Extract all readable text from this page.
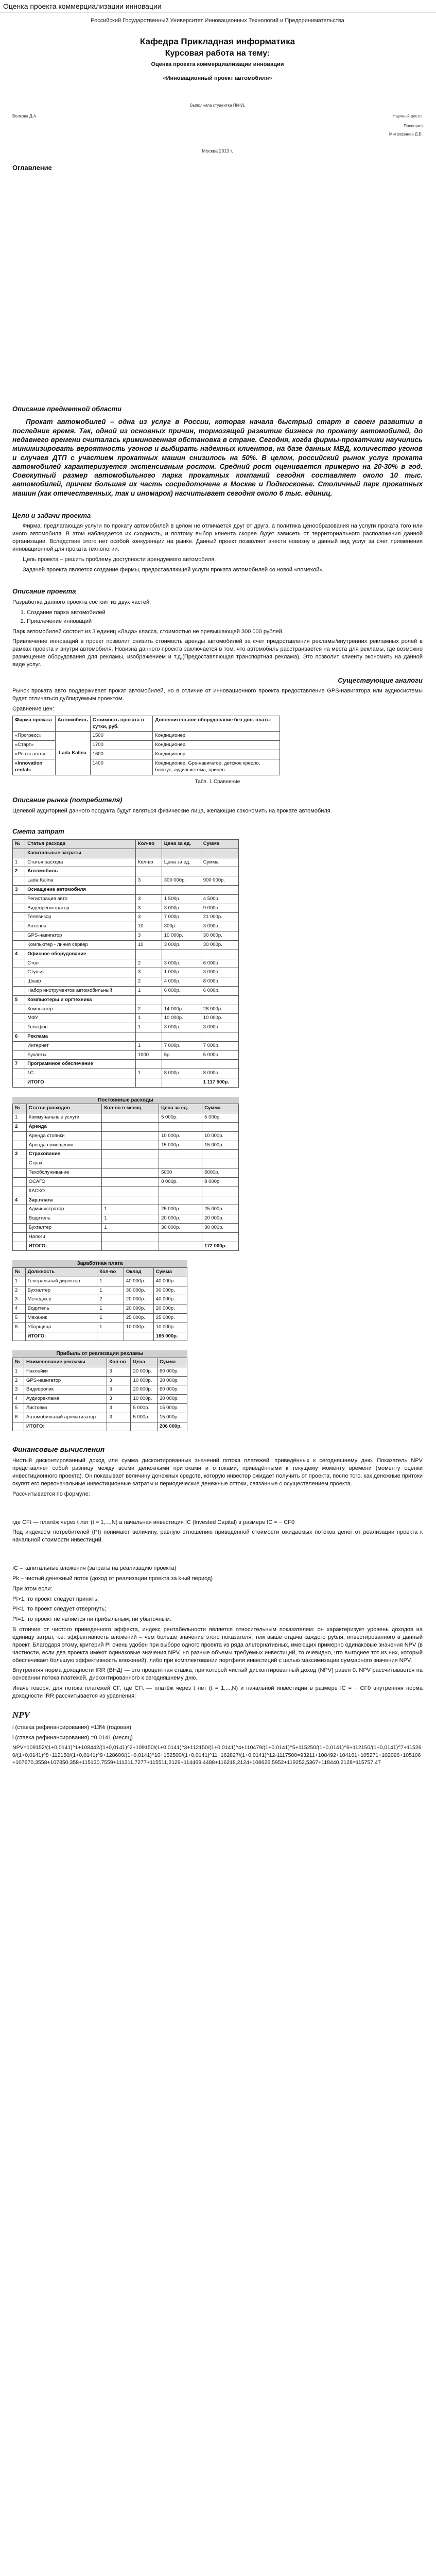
Оценка проекта коммерциализации инновации
Российский Государственный Университет Инновационных Технологий и Предпринимательства
Кафедра Прикладная информатика
Курсовая работа на тему:
Оценка проекта коммерциализации инновации
«Инновационный проект автомобиля»
Выполнила студентка ПИ-91
Волкова Д.А.	Научный рук.ст.
Проверил
Митрофанов Д.Б.
Москва 2013 г.
Оглавление
Описание предметной области
Прокат автомобилей – одна из услуг в России, которая начала быстрый старт в своем развитии в последние время. Так, одной из основных причин, тормозящей развитие бизнеса по прокату автомобилей, до недавнего времени считалась криминогенная обстановка в стране. Сегодня, когда фирмы-прокатчики научились минимизировать вероятность угонов и выбирать надежных клиентов, на базе данных МВД, количество угонов и случаев ДТП с участием прокатных машин снизилось на 50%. В целом, российский рынок услуг проката автомобилей характеризуется экстенсивным ростом. Средний рост оценивается примерно на 20-30% в год. Совокупный размер автомобильного парка прокатных компаний сегодня составляет около 10 тыс. автомобилей, причем большая их часть сосредоточена в Москве и Подмосковье. Столичный парк прокатных машин (как отечественных, так и иномарок) насчитывает сегодня около 6 тыс. единиц.
Цели и задачи проекта

Фирма, предлагающая услуги по прокату автомобилей в целом не отличается друг от друга, а политика ценообразования на услуги проката того или иного автомобиля. В этом наблюдается их сходность, и поэтому выбор клиента скорее будет зависеть от территориального расположения данной организации. Вследствие этого нет особой конкуренции на рынке. Данный проект позволяет внести новизну в данный вид услуг за счет применения инновационной для проката технологии.

Цель проекта – решить проблему доступности арендуемого автомобиля.

Задачей проекта является создание фирмы, предоставляющей услуги проката автомобилей со новой «помехой».

Описание проекта

Разработка данного проекта состоит из двух частей:

1. Создание парка автомобилей
2. Привлечение инноваций

Парк автомобилей состоит из 3 единиц «Лада» класса, стоимостью не превышающей 300 000 рублей.

Привлечение инноваций в проект позволит снизить стоимость аренды автомобилей за счет предоставления рекламы/внутренних рекламных ролей в рамках проекта и внутри автомобиля. Новизна данного проекта заключается в том, что автомобиль расстраивается на места для рекламы, где возможно размещение оборудования для рекламы, изображением и т.д.(Предоставляющая транспортная реклама). Это позволит клиенту экономить на данной виде услуг.

Существующие аналоги

Рынок проката авто поддерживает прокат автомобилей, но в отличие от инновационного проекта предоставление GPS-навигатора или аудиосистемы будет отличаться дублируемым проектом.

Сравнение цен:

Фирма проката	Автомобиль	Стоимость проката в сутки, руб.	Дополнительное оборудование без доп. платы
«Прогресс»	Lada Kalina	1500	Кондиционер
«Старт»		1700	Кондиционер
«Рент» авто»		1600	Кондиционер
«Innovation rental»		1400	Кондиционер, Gps-навигатор, детское кресло, блютус, аудиосистема, прицеп
Табл. 1 Сравнение
Описание рынка (потребителя)

Целевой аудиторией данного продукта будут являться физические лица, желающие сэкономить на прокате автомобиля.

Смета затрат
№	Статья расхода	Кол-во	Цена за ед.	Сумма
	Капитальные затраты			
1	Статья расхода	Кол-во	Цена за ед.	Сумма
2	Автомобиль			
	Lada Kalina	3	300 000р.	900 000р.
3	Оснащение автомобиля			
	Регистрация авто	3	1 500р.	4 500р.
	Видеорегистратор	3	3 000р.	9 000р.
	Телевизор	3	7 000р.	21 000р.
	Антенна	10	300р.	3 000р.
	GPS-навигатор	3	10 000р.	30 000р.
	Компьютер - линия сервер	10	3 000р.	30 000р.
4	Офисное оборудование			
	Стол	2	3 000р.	6 000р.
	Стулья	3	1 000р.	3 000р.
	Шкаф	2	4 000р.	8 000р.
	Набор инструментов автомобильный	1	6 000р.	6 000р.
5	Компьютеры и оргтехника			
	Компьютер	2	14 000р.	28 000р.
	МФУ	1	10 000р.	10 000р.
	Телефон	1	3 000р.	3 000р.
6	Реклама			
	Интернет	1	7 000р.	7 000р.
	Буклеты	1000	5р.	5 000р.
7	Программное обеспечение			
	1С	1	8 000р.	8 000р.
	ИТОГО			1 117 500р.
Постоянные расходы
№	Статья расходов	Кол-во в месяц	Цена за ед.	Сумма
1	Коммунальные услуги		5 000р.	5 000р.
2	Аренда			
	Аренда стоянки		10 000р.	10 000р.
	Аренда помещения		15 000р.	15 000р.
3	Страхование			
	Страх			
	Техобслуживание		5000	5000р.
	ОСАГО		8 000р.	8 000р.
	КАСКО			
4	Зар.плата			
	Администратор	1	25 000р.	25 000р.
	Водитель	1	20 000р.	20 000р.
	Бухгалтер	1	30 000р.	30 000р.
	Налоги			
	ИТОГО:			172 000р.
Заработная плата
№	Должность	Кол-во	Оклад	Сумма
1	Генеральный директор	1	40 000р.	40 000р.
2	Бухгалтер	1	30 000р.	30 000р.
3	Менеджер	2	20 000р.	40 000р.
4	Водитель	1	20 000р.	20 000р.
5	Механик	1	25 000р.	25 000р.
6	Уборщица	1	10 000р.	10 000р.
	ИТОГО:			165 000р.
Прибыль от реализации рекламы
№	Наименование рекламы	Кол-во	Цена	Сумма
1	Наклейки	3	20 000р.	60 000р.
2	GPS-навигатор	3	10 000р.	30 000р.
3	Видеоролик	3	20 000р.	60 000р.
4	Аудиореклама	3	10 000р.	30 000р.
5	Листовки	3	5 000р.	15 000р.
6	Автомобильный ароматизатор	3	5 000р.	15 000р.
	ИТОГО:			206 000р.
Финансовые вычисления

Чистый дисконтированный доход или сумма дисконтированных значений потока платежей, приведённых к сегодняшнему дню. Показатель NPV представляет собой разницу между всеми денежными притоками и оттоками, приведёнными к текущему моменту времени (моменту оценки инвестиционного проекта). Он показывает величину денежных средств, которую инвестор ожидает получить от проекта, после того, как денежные притоки окупят его первоначальные инвестиционные затраты и периодические денежные оттоки, связанные с осуществлением проекта.

Рассчитывается по формуле:

где CFt — платёж через t лет (t = 1,...,N) а начальная инвестиция IC (Invested Capital) в размере IC = − CF0

Под индексом потребителей (PI) понимают величину, равную отношению приведенной стоимости ожидаемых потоков денег от реализации проекта к начальной стоимости инвестиций.

IC – капитальные вложения (затраты на реализацию проекта)

Pk – чистый денежный поток (доход от реализации проекта за k-ый период)

При этом если:

PI>1, то проект следует принять;

PI<1, то проект следует отвергнуть;

PI=1, то проект не является ни прибыльным, ни убыточным.

В отличие от чистого приведенного эффекта, индекс рентабельности является относительным показателем: он характеризует уровень доходов на единицу затрат, т.е. эффективность вложений – чем больше значение этого показателя, тем выше отдача каждого рубля, инвестированного в данный проект. Благодаря этому, критерий PI очень удобен при выборе одного проекта из ряда альтернативных, имеющих примерно одинаковые значения NPV (в частности, если два проекта имеют одинаковые значения NPV, но разные объемы требуемых инвестиций, то очевидно, что выгоднее тот из них, который обеспечивает большую эффективность вложений), либо при комплектовании портфеля инвестиций с целью максимизации суммарного значения NPV.

Внутренняя норма доходности IRR (ВНД) — это процентная ставка, при которой чистый дисконтированный доход (NPV) равен 0. NPV рассчитывается на основании потока платежей, дисконтированного к сегодняшнему дню.

Иначе говоря, для потока платежей CF, где CFt — платёж через t лет (t = 1,...,N) и начальной инвестиции в размере IC = − CF0 внутренняя норма доходности IRR рассчитывается из уравнения:

NPV

i (ставка рефинансирования) =13% (годовая)

i (ставка рефинансирования) =0.0141 (месяц)

NPV=109152/(1+0,0141)^1+108442/(1+0,0141)^2+109150/(1+0,0141)^3+112150/(1+0,0141)^4+110479/(1+0,0141)^5+115250/(1+0,0141)^6+112150/(1+0,0141)^7+115260/(1+0,0141)^8+112150/(1+0,0141)^9+128600/(1+0,0141)^10+152500/(1+0,0141)^11+162827/(1+0,0141)^12-1117500=93211+108492+104161+105271+102096+105106+107670,3558+107850,358+115130,7559+111311,7277+115511,2129+114469,4488+116218,2124+108626,5952+119252,5367+118440,2128=115757,47
